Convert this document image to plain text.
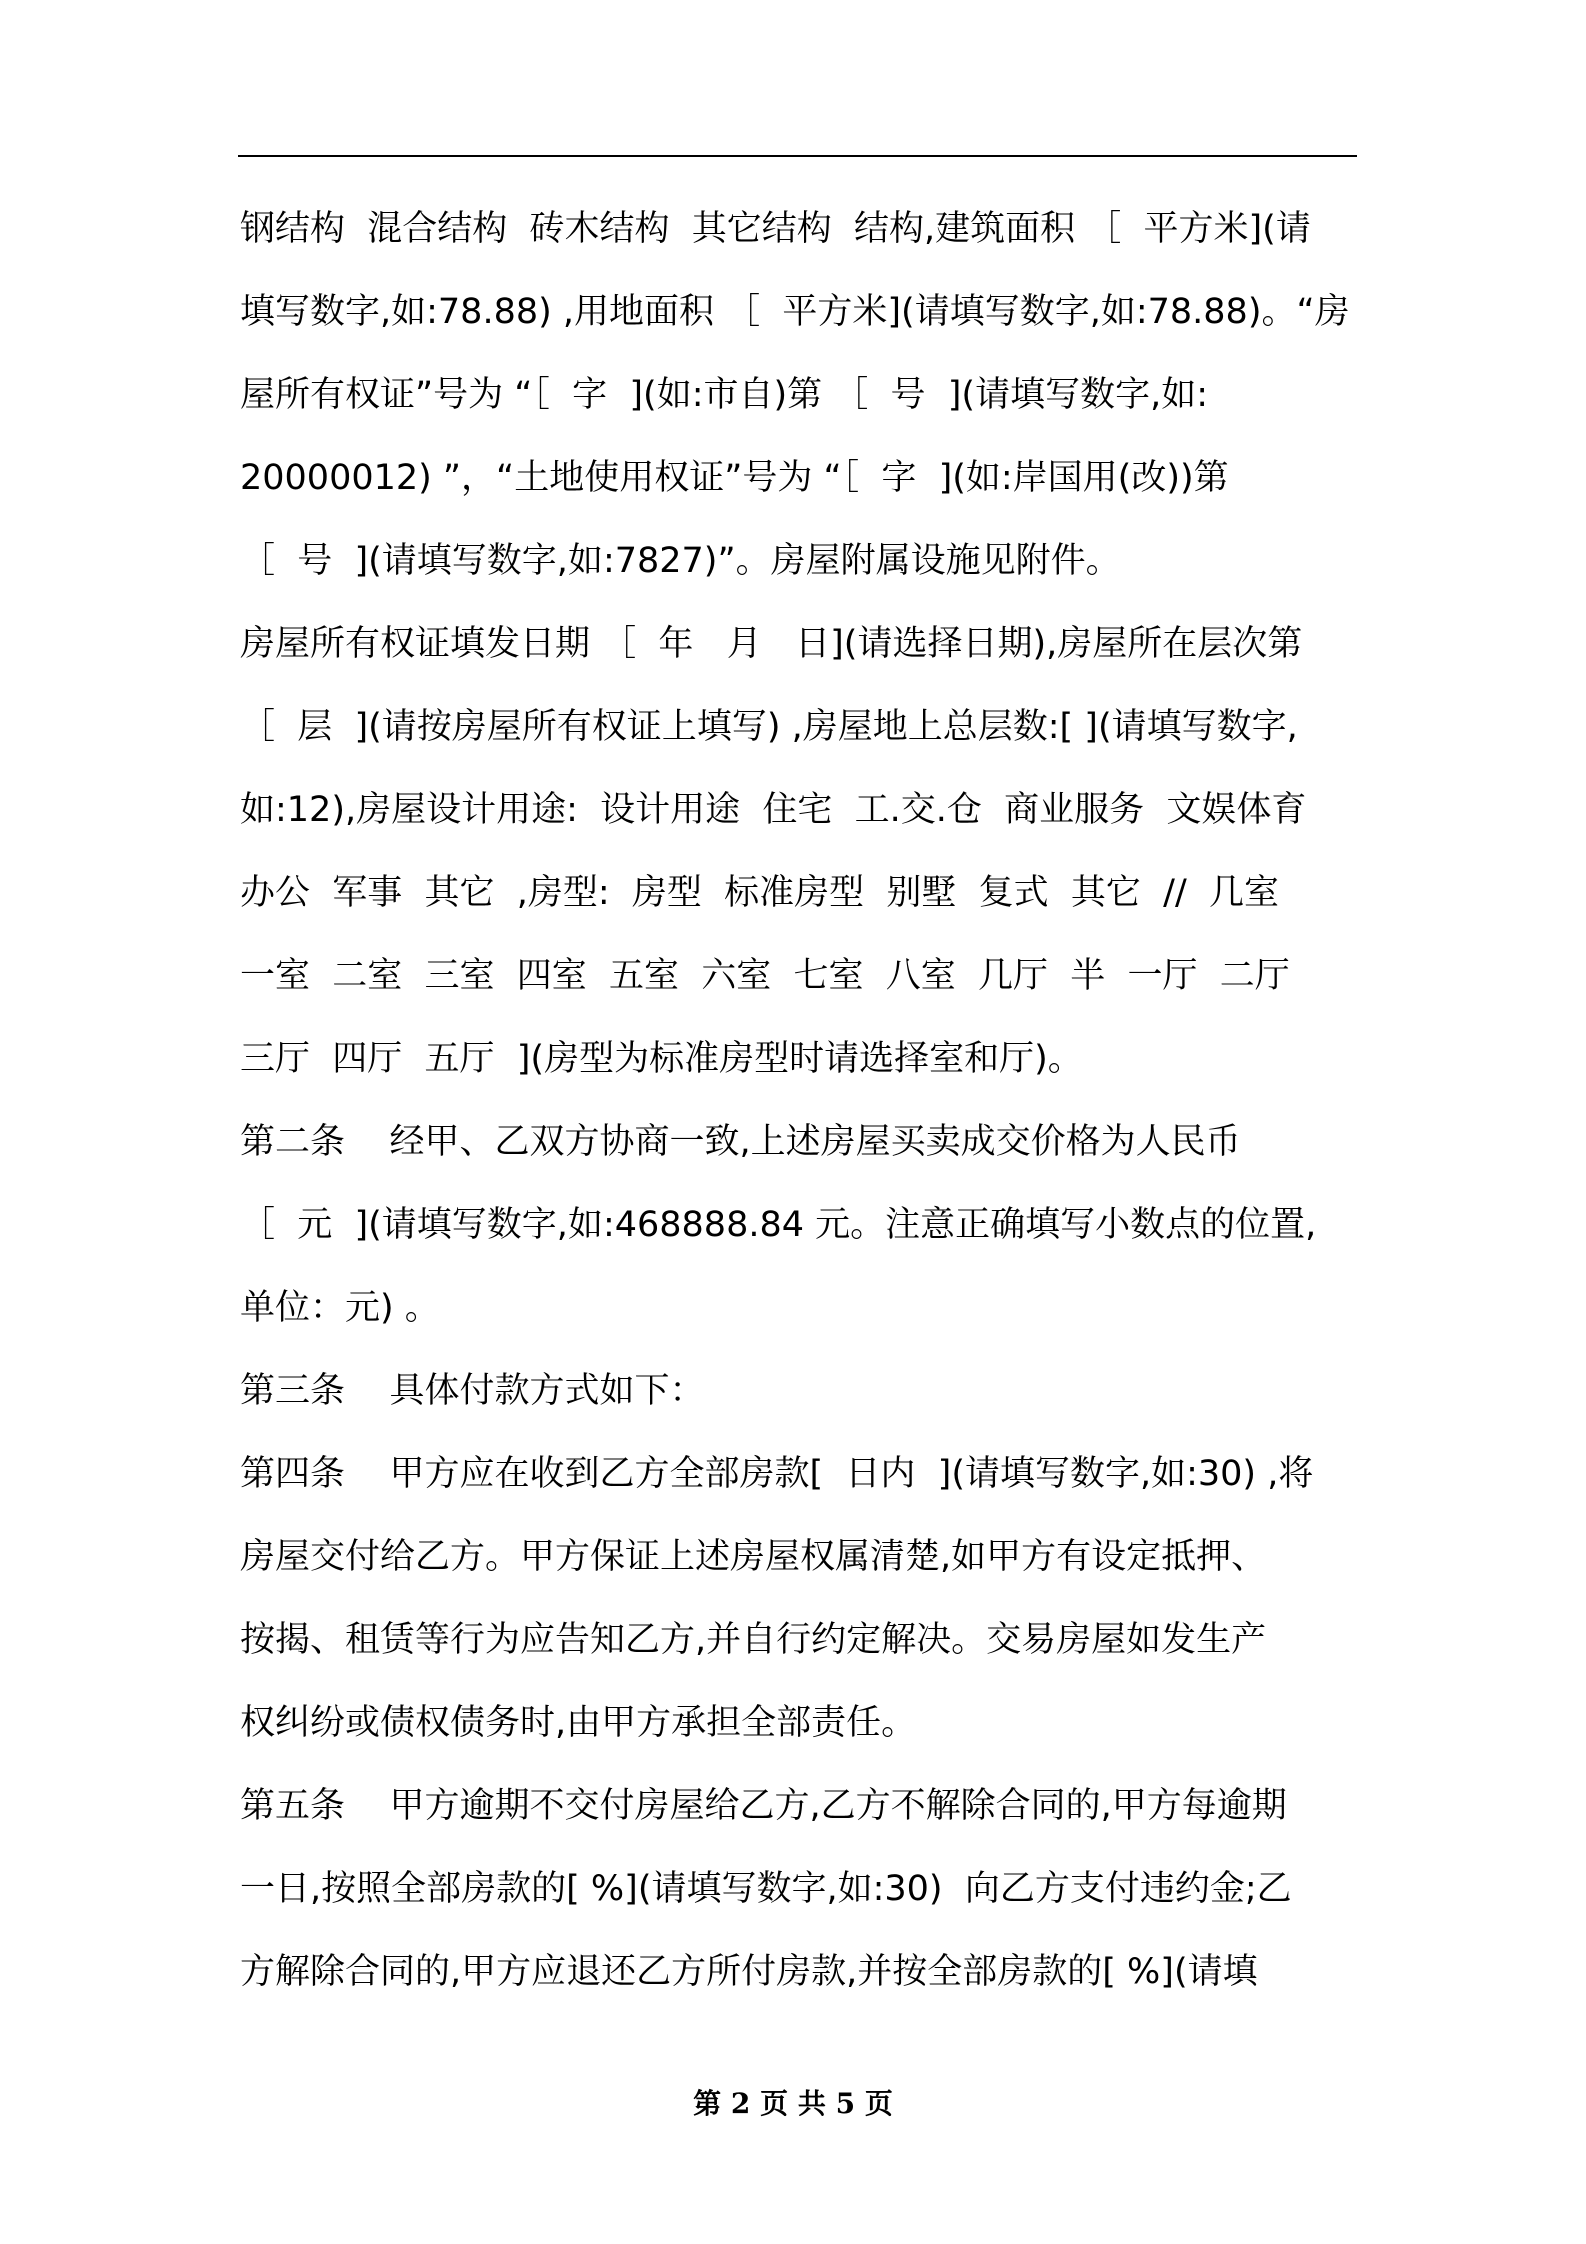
钢结构  混合结构  砖木结构  其它结构  结构,建筑面积 ［  平方米](请
填写数字,如:78.88) ,用地面积 ［  平方米](请填写数字,如:78.88)。“房
屋所有权证”号为 “［  字  ](如:市自)第 ［  号  ](请填写数字,如:
20000012) ”，“土地使用权证”号为 “［  字  ](如:岸国用(改))第
［  号  ](请填写数字,如:7827)”。房屋附属设施见附件。
房屋所有权证填发日期 ［  年   月   日](请选择日期),房屋所在层次第
［  层  ](请按房屋所有权证上填写) ,房屋地上总层数:[ ](请填写数字,
如:12),房屋设计用途:  设计用途  住宅  工.交.仓  商业服务  文娱体育
办公  军事  其它  ,房型:  房型  标准房型  别墅  复式  其它  //  几室
一室  二室  三室  四室  五室  六室  七室  八室  几厅  半  一厅  二厅
三厅  四厅  五厅  ](房型为标准房型时请选择室和厅)。
第二条    经甲、乙双方协商一致,上述房屋买卖成交价格为人民币
［  元  ](请填写数字,如:468888.84 元。注意正确填写小数点的位置,
单位：元) 。
第三条    具体付款方式如下：
第四条    甲方应在收到乙方全部房款[  日内  ](请填写数字,如:30) ,将
房屋交付给乙方。甲方保证上述房屋权属清楚,如甲方有设定抵押、
按揭、租赁等行为应告知乙方,并自行约定解决。交易房屋如发生产
权纠纷或债权债务时,由甲方承担全部责任。
第五条    甲方逾期不交付房屋给乙方,乙方不解除合同的,甲方每逾期
一日,按照全部房款的[ %](请填写数字,如:30)  向乙方支付违约金;乙
方解除合同的,甲方应退还乙方所付房款,并按全部房款的[ %](请填
第 2 页 共 5 页
